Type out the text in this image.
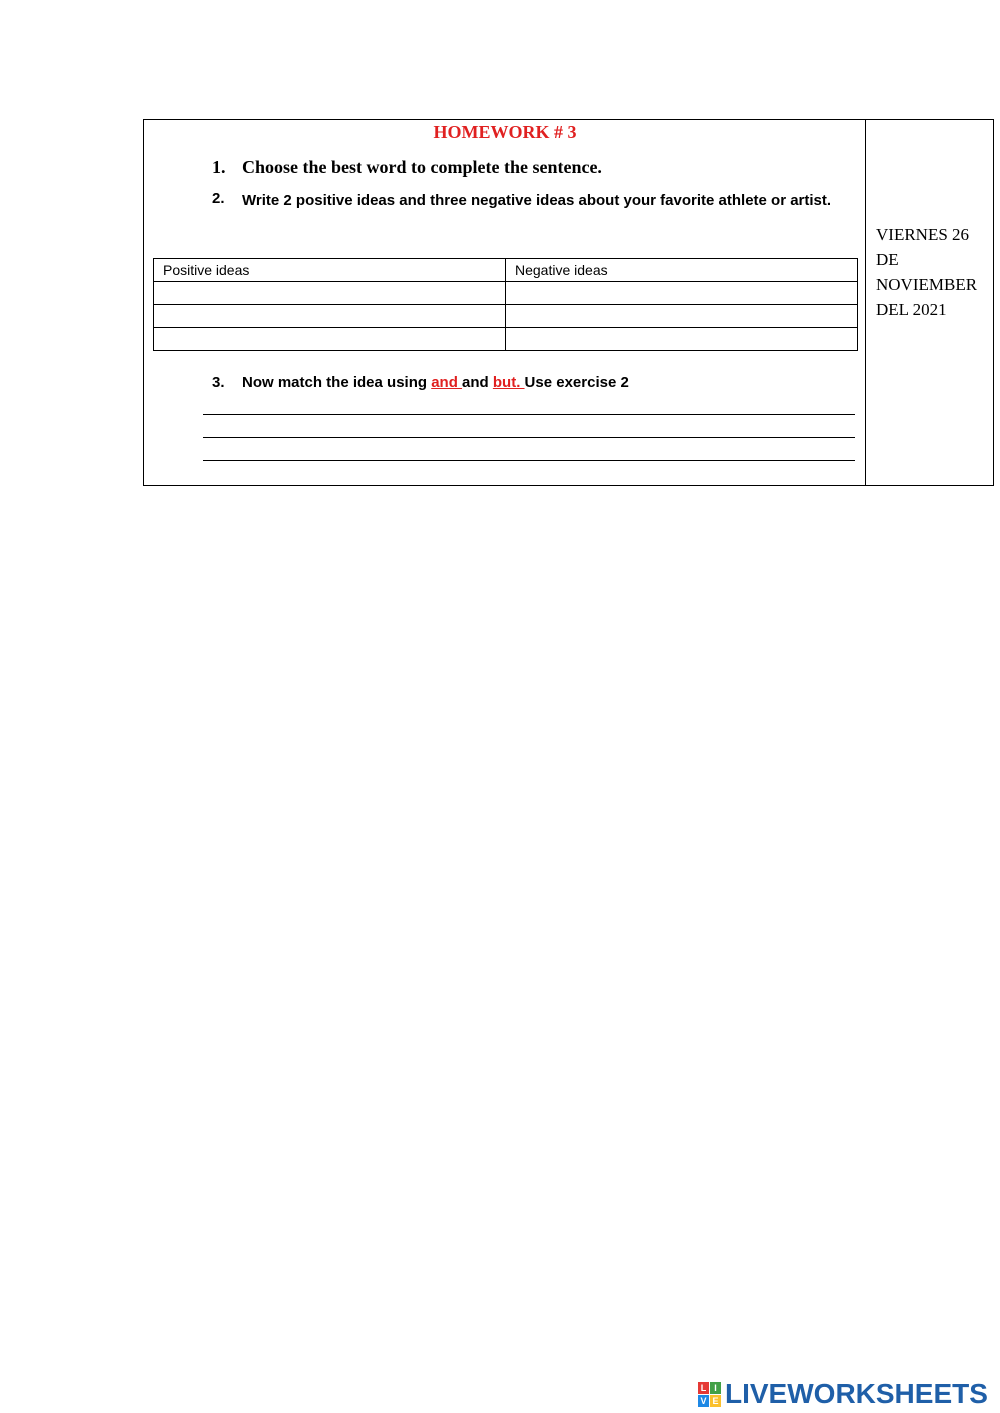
HOMEWORK # 3
1. Choose the best word to complete the sentence.
2. Write 2 positive ideas and three negative ideas about your favorite athlete or artist.
Positive ideas	Negative ideas

3. Now match the idea using and and but. Use exercise 2
VIERNES 26
DE
NOVIEMBER
DEL 2021
L I
V E LIVEWORKSHEETS
